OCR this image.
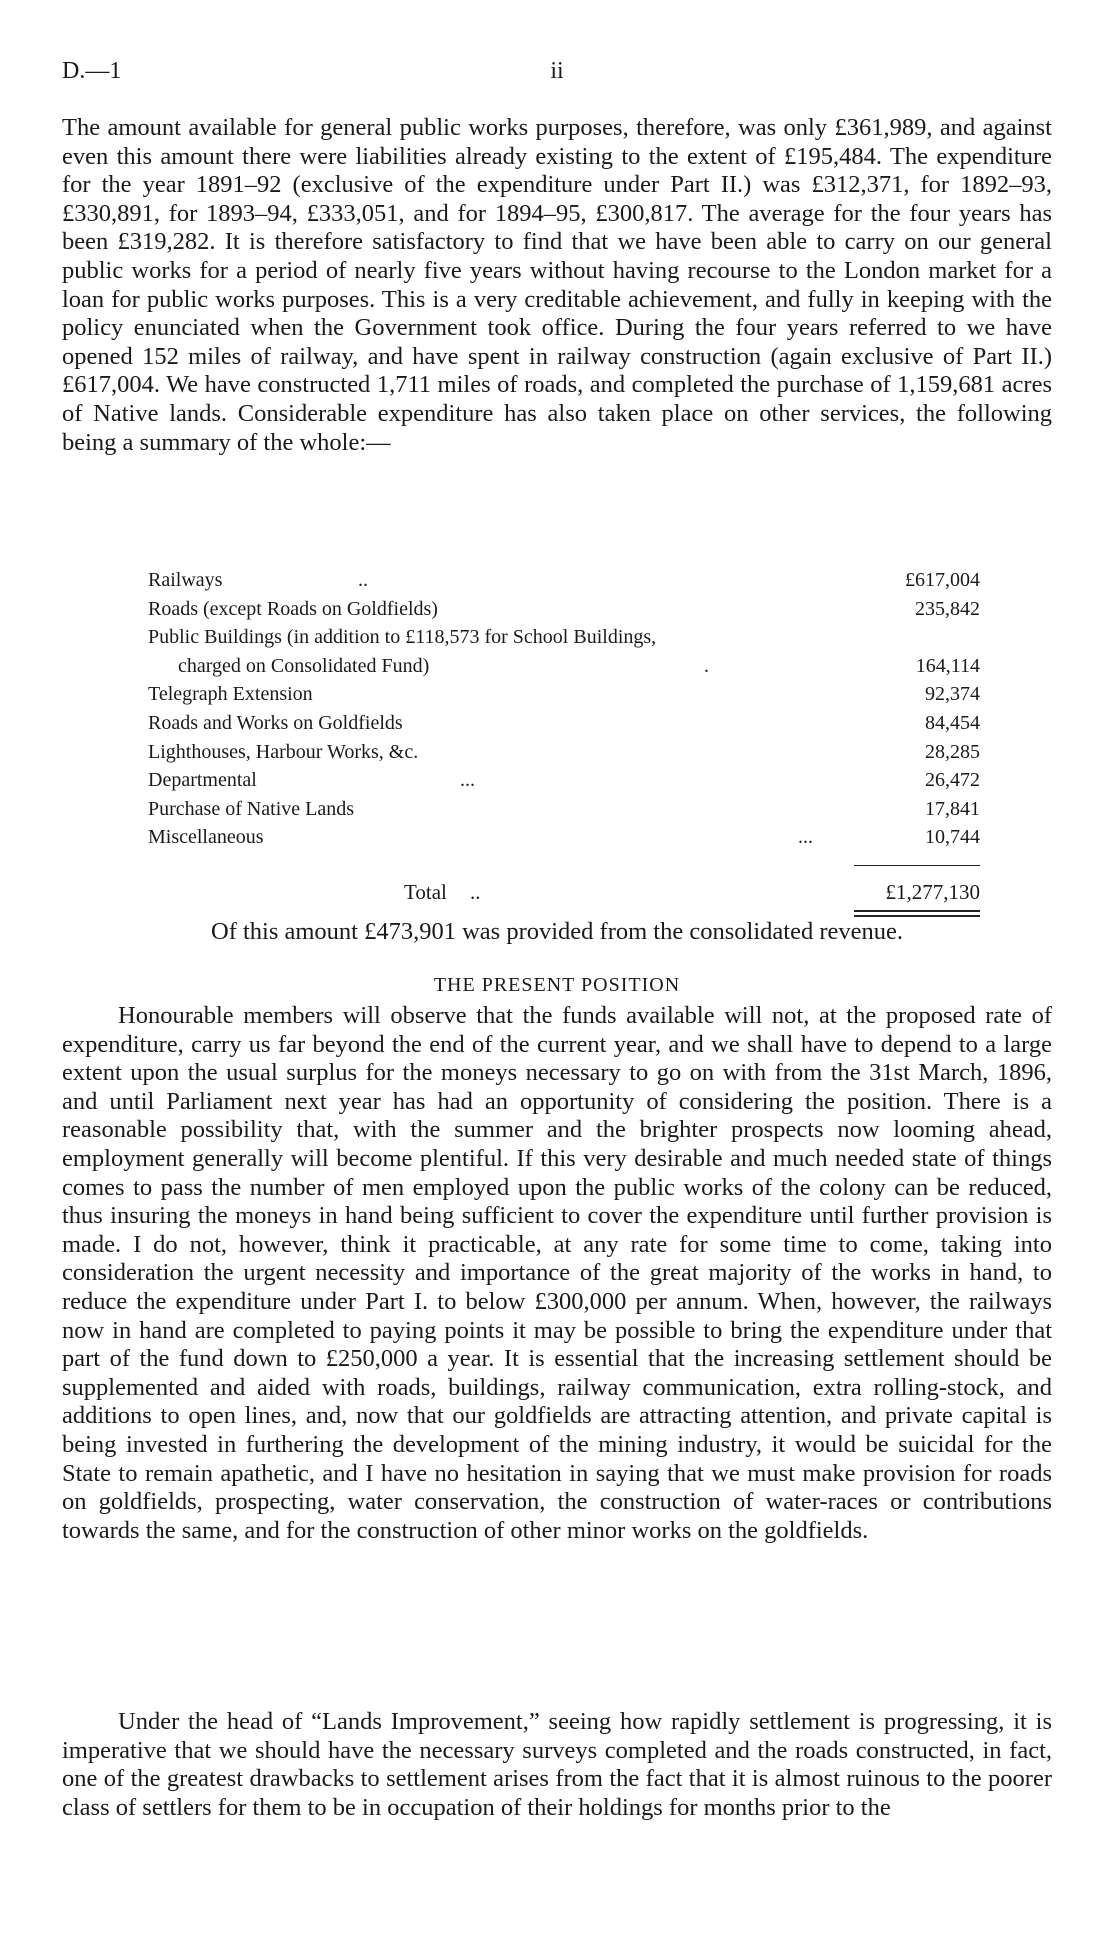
D.—1	ii

The amount available for general public works purposes, therefore, was only £361,989, and against even this amount there were liabilities already existing to the extent of £195,484. The expenditure for the year 1891–92 (exclusive of the expenditure under Part II.) was £312,371, for 1892–93, £330,891, for 1893–94, £333,051, and for 1894–95, £300,817. The average for the four years has been £319,282. It is therefore satisfactory to find that we have been able to carry on our general public works for a period of nearly five years without having recourse to the London market for a loan for public works purposes. This is a very creditable achievement, and fully in keeping with the policy enunciated when the Government took office. During the four years referred to we have opened 152 miles of railway, and have spent in railway construction (again exclusive of Part II.) £617,004. We have constructed 1,711 miles of roads, and completed the purchase of 1,159,681 acres of Native lands. Considerable expenditure has also taken place on other services, the following being a summary of the whole:—

Railways	..	£617,004
Roads (except Roads on Goldfields)	235,842
Public Buildings (in addition to £118,573 for School Buildings,
charged on Consolidated Fund)	.	164,114
Telegraph Extension	92,374
Roads and Works on Goldfields	84,454
Lighthouses, Harbour Works, &c.	28,285
Departmental	...	26,472
Purchase of Native Lands	17,841
Miscellaneous	...	10,744
Total ..	£1,277,130
Of this amount £473,901 was provided from the consolidated revenue.
THE PRESENT POSITION

Honourable members will observe that the funds available will not, at the proposed rate of expenditure, carry us far beyond the end of the current year, and we shall have to depend to a large extent upon the usual surplus for the moneys necessary to go on with from the 31st March, 1896, and until Parliament next year has had an opportunity of considering the position. There is a reasonable possibility that, with the summer and the brighter prospects now looming ahead, employment generally will become plentiful. If this very desirable and much needed state of things comes to pass the number of men employed upon the public works of the colony can be reduced, thus insuring the moneys in hand being sufficient to cover the expenditure until further provision is made. I do not, however, think it practicable, at any rate for some time to come, taking into consideration the urgent necessity and importance of the great majority of the works in hand, to reduce the expenditure under Part I. to below £300,000 per annum. When, however, the railways now in hand are completed to paying points it may be possible to bring the expenditure under that part of the fund down to £250,000 a year. It is essential that the increasing settlement should be supplemented and aided with roads, buildings, railway communication, extra rolling-stock, and additions to open lines, and, now that our goldfields are attracting attention, and private capital is being invested in furthering the development of the mining industry, it would be suicidal for the State to remain apathetic, and I have no hesitation in saying that we must make provision for roads on goldfields, prospecting, water conservation, the construction of water-races or contributions towards the same, and for the construction of other minor works on the goldfields.

Under the head of “Lands Improvement,” seeing how rapidly settlement is progressing, it is imperative that we should have the necessary surveys completed and the roads constructed, in fact, one of the greatest drawbacks to settlement arises from the fact that it is almost ruinous to the poorer class of settlers for them to be in occupation of their holdings for months prior to the
